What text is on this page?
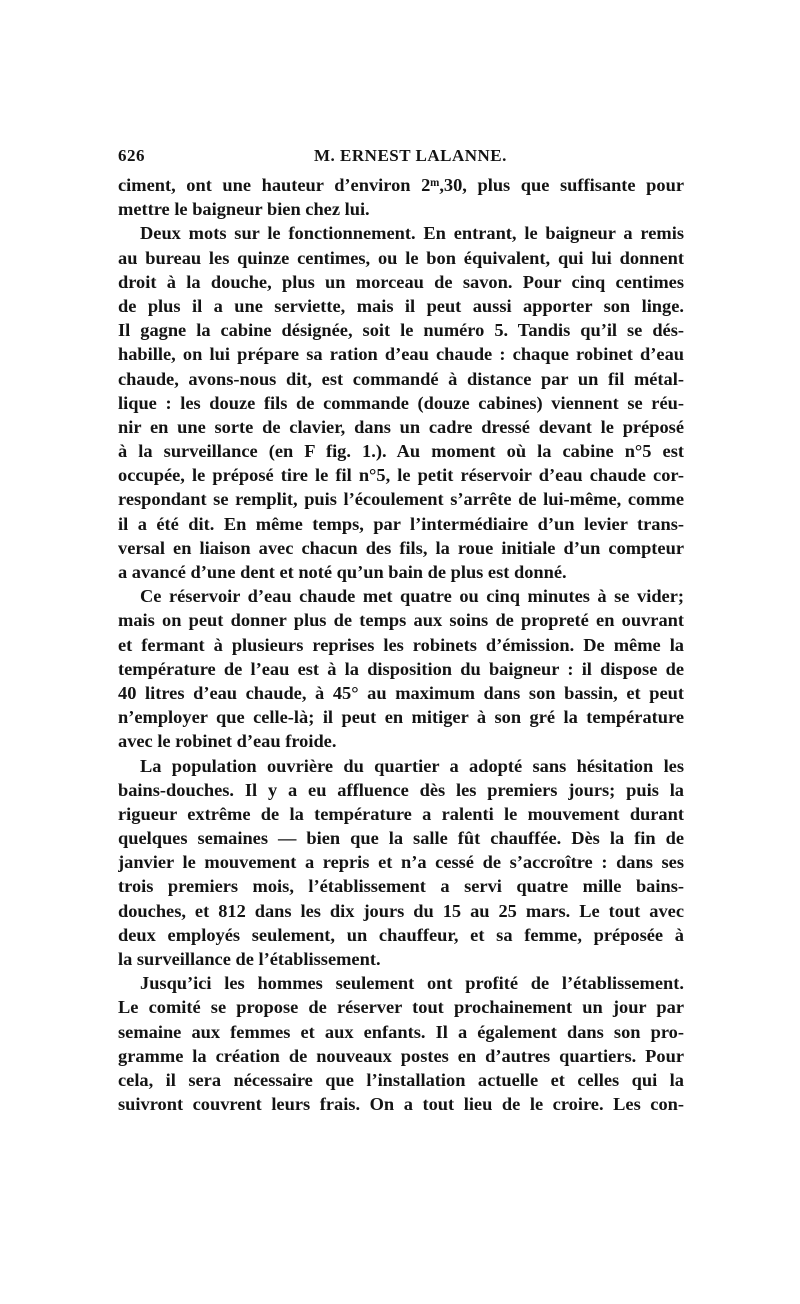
626	M. ERNEST LALANNE.
ciment, ont une hauteur d’environ 2ᵐ,30, plus que suffisante pour
mettre le baigneur bien chez lui.
Deux mots sur le fonctionnement. En entrant, le baigneur a remis
au bureau les quinze centimes, ou le bon équivalent, qui lui donnent
droit à la douche, plus un morceau de savon. Pour cinq centimes
de plus il a une serviette, mais il peut aussi apporter son linge.
Il gagne la cabine désignée, soit le numéro 5. Tandis qu’il se dés-
habille, on lui prépare sa ration d’eau chaude : chaque robinet d’eau
chaude, avons-nous dit, est commandé à distance par un fil métal-
lique : les douze fils de commande (douze cabines) viennent se réu-
nir en une sorte de clavier, dans un cadre dressé devant le préposé
à la surveillance (en F fig. 1.). Au moment où la cabine n°5 est
occupée, le préposé tire le fil n°5, le petit réservoir d’eau chaude cor-
respondant se remplit, puis l’écoulement s’arrête de lui-même, comme
il a été dit. En même temps, par l’intermédiaire d’un levier trans-
versal en liaison avec chacun des fils, la roue initiale d’un compteur
a avancé d’une dent et noté qu’un bain de plus est donné.
Ce réservoir d’eau chaude met quatre ou cinq minutes à se vider;
mais on peut donner plus de temps aux soins de propreté en ouvrant
et fermant à plusieurs reprises les robinets d’émission. De même la
température de l’eau est à la disposition du baigneur : il dispose de
40 litres d’eau chaude, à 45° au maximum dans son bassin, et peut
n’employer que celle-là; il peut en mitiger à son gré la température
avec le robinet d’eau froide.
La population ouvrière du quartier a adopté sans hésitation les
bains-douches. Il y a eu affluence dès les premiers jours; puis la
rigueur extrême de la température a ralenti le mouvement durant
quelques semaines — bien que la salle fût chauffée. Dès la fin de
janvier le mouvement a repris et n’a cessé de s’accroître : dans ses
trois premiers mois, l’établissement a servi quatre mille bains-
douches, et 812 dans les dix jours du 15 au 25 mars. Le tout avec
deux employés seulement, un chauffeur, et sa femme, préposée à
la surveillance de l’établissement.
Jusqu’ici les hommes seulement ont profité de l’établissement.
Le comité se propose de réserver tout prochainement un jour par
semaine aux femmes et aux enfants. Il a également dans son pro-
gramme la création de nouveaux postes en d’autres quartiers. Pour
cela, il sera nécessaire que l’installation actuelle et celles qui la
suivront couvrent leurs frais. On a tout lieu de le croire. Les con-
